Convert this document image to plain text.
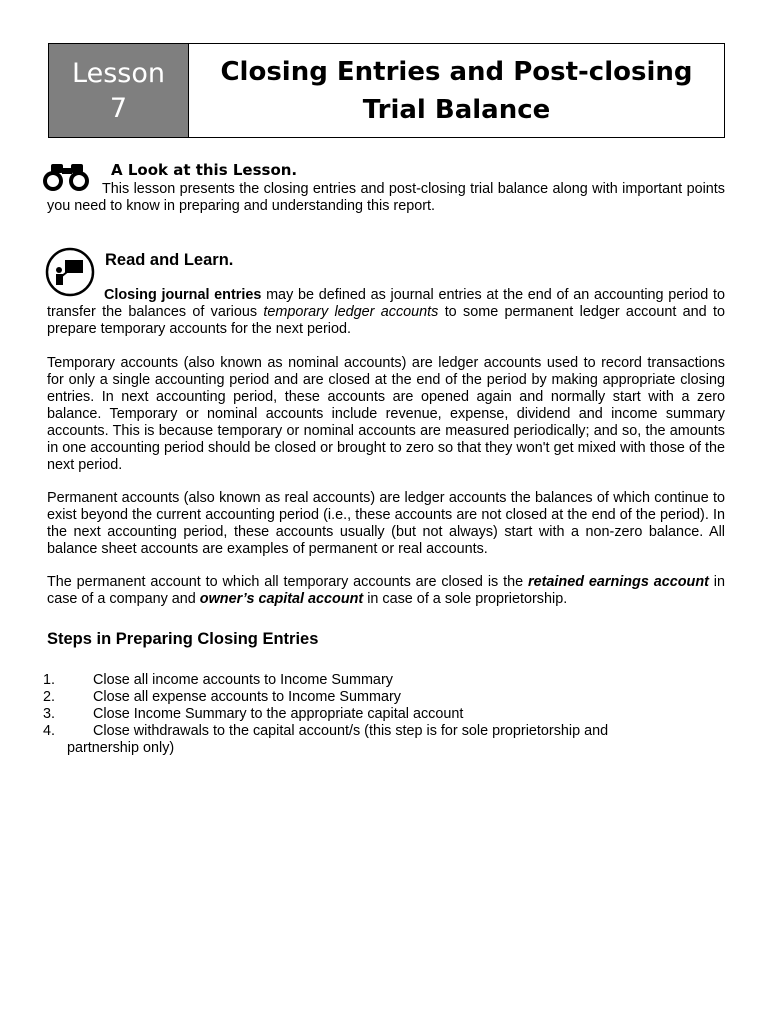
Lesson
7
Closing Entries and Post-closing Trial Balance
A Look at this Lesson.

This lesson presents the closing entries and post-closing trial balance along with important points you need to know in preparing and understanding this report.

Read and Learn.

Closing journal entries may be defined as journal entries at the end of an accounting period to transfer the balances of various temporary ledger accounts to some permanent ledger account and to prepare temporary accounts for the next period.

Temporary accounts (also known as nominal accounts) are ledger accounts used to record transactions for only a single accounting period and are closed at the end of the period by making appropriate closing entries. In next accounting period, these accounts are opened again and normally start with a zero balance. Temporary or nominal accounts include revenue, expense, dividend and income summary accounts. This is because temporary or nominal accounts are measured periodically; and so, the amounts in one accounting period should be closed or brought to zero so that they won't get mixed with those of the next period.

Permanent accounts (also known as real accounts) are ledger accounts the balances of which continue to exist beyond the current accounting period (i.e., these accounts are not closed at the end of the period). In the next accounting period, these accounts usually (but not always) start with a non-zero balance. All balance sheet accounts are examples of permanent or real accounts.

The permanent account to which all temporary accounts are closed is the retained earnings account in case of a company and owner’s capital account in case of a sole proprietorship.

Steps in Preparing Closing Entries
1.	Close all income accounts to Income Summary
2.	Close all expense accounts to Income Summary
3.	Close Income Summary to the appropriate capital account
4.	Close withdrawals to the capital account/s (this step is for sole proprietorship and
partnership only)
